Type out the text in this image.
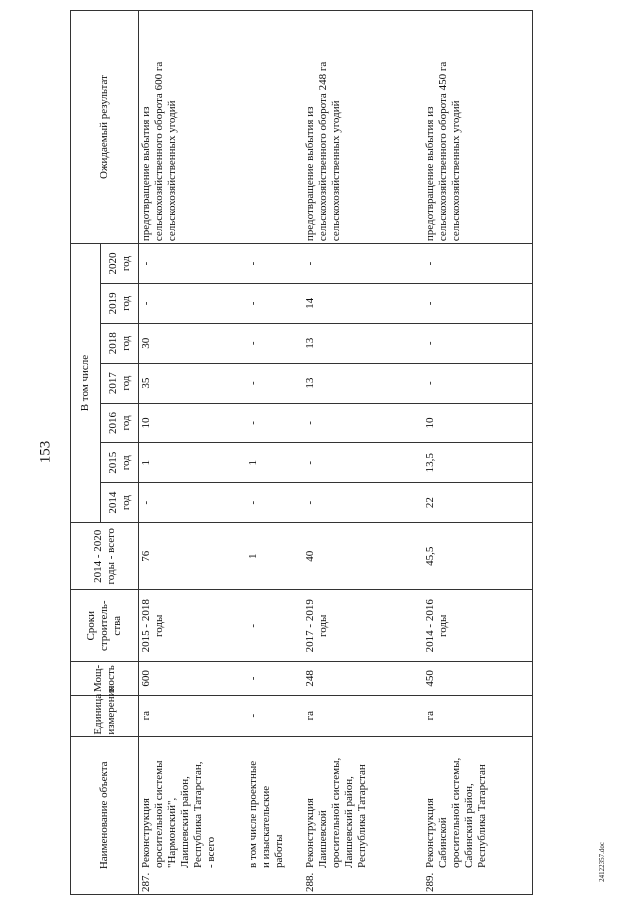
153
24122357.doc
Наименование объекта	Единица измерения	Мощ-ность	Сроки строитель-ства	2014 - 2020 годы - всего	В том числе							Ожидаемый результат
					2014 год	2015 год	2016 год	2017 год	2018 год	2019 год	2020 год	
287.Реконструкция оросительной системы "Нармонский", Лаишевский район, Республика Татарстан, - всего	га	600	2015 - 2018 годы	76	-	1	10	35	30	-	-	предотвращение выбытия из сельскохозяйственного оборота 600 га сельскохозяйственных угодий
в том числе проектные и изыскательские работы	-	-	-	1	-	1	-	-	-	-	-	
288.Реконструкция Лаишевской оросительной системы, Лаишевский район, Республика Татарстан	га	248	2017 - 2019 годы	40	-	-	-	13	13	14	-	предотвращение выбытия из сельскохозяйственного оборота 248 га сельскохозяйственных угодий
289.Реконструкция Сабинской оросительной системы, Сабинский район, Республика Татарстан	га	450	2014 - 2016 годы	45,5	22	13,5	10	-	-	-	-	предотвращение выбытия из сельскохозяйственного оборота 450 га сельскохозяйственных угодий
